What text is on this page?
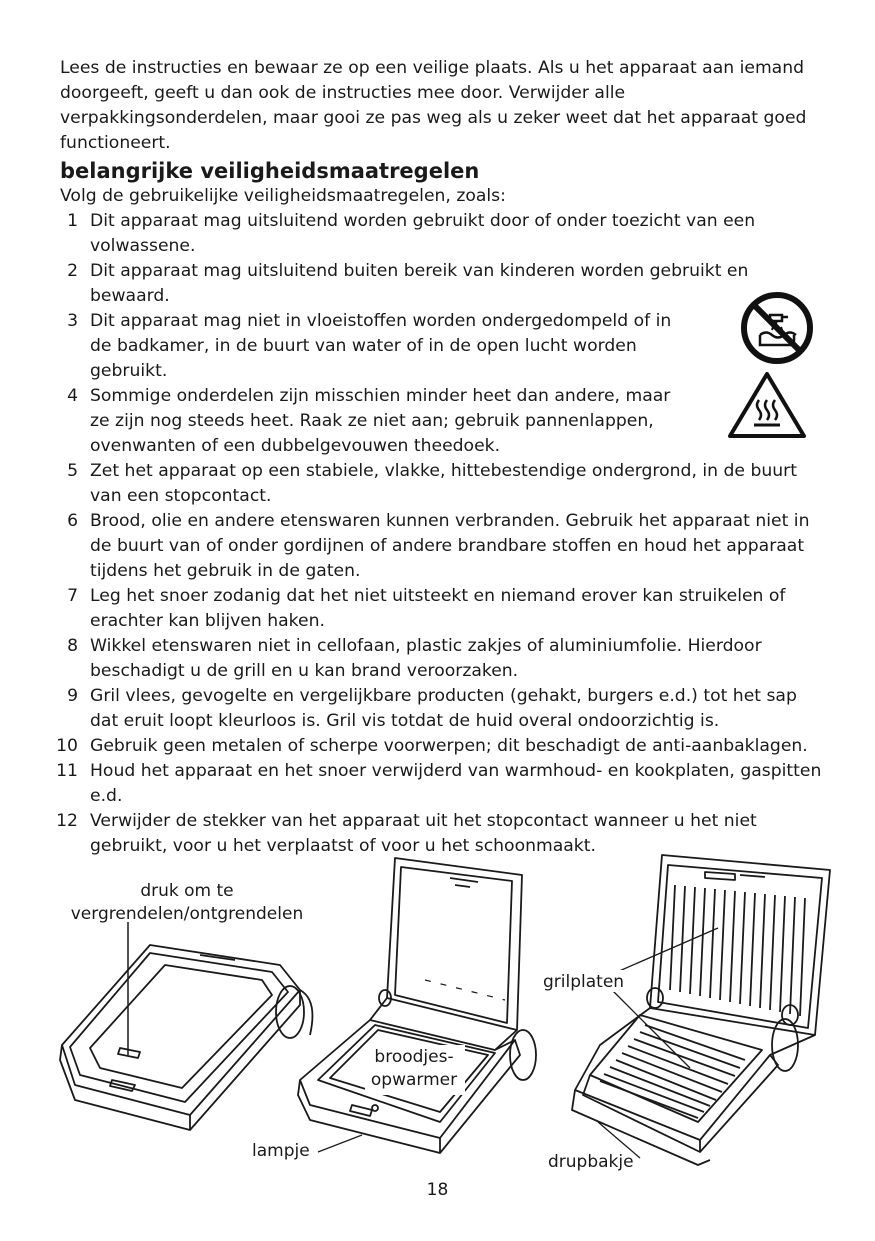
Lees de instructies en bewaar ze op een veilige plaats. Als u het apparaat aan iemand doorgeeft, geeft u dan ook de instructies mee door. Verwijder alle verpakkingsonderdelen, maar gooi ze pas weg als u zeker weet dat het apparaat goed functioneert.

belangrijke veiligheidsmaatregelen

Volg de gebruikelijke veiligheidsmaatregelen, zoals:

1 Dit apparaat mag uitsluitend worden gebruikt door of onder toezicht van een volwassene.
2 Dit apparaat mag uitsluitend buiten bereik van kinderen worden gebruikt en bewaard.
3 Dit apparaat mag niet in vloeistoffen worden ondergedompeld of in de badkamer, in de buurt van water of in de open lucht worden gebruikt.
4 Sommige onderdelen zijn misschien minder heet dan andere, maar ze zijn nog steeds heet. Raak ze niet aan; gebruik pannenlappen, ovenwanten of een dubbelgevouwen theedoek.
5 Zet het apparaat op een stabiele, vlakke, hittebestendige ondergrond, in de buurt van een stopcontact.
6 Brood, olie en andere etenswaren kunnen verbranden. Gebruik het apparaat niet in de buurt van of onder gordijnen of andere brandbare stoffen en houd het apparaat tijdens het gebruik in de gaten.
7 Leg het snoer zodanig dat het niet uitsteekt en niemand erover kan struikelen of erachter kan blijven haken.
8 Wikkel etenswaren niet in cellofaan, plastic zakjes of aluminiumfolie. Hierdoor beschadigt u de grill en u kan brand veroorzaken.
9 Gril vlees, gevogelte en vergelijkbare producten (gehakt, burgers e.d.) tot het sap dat eruit loopt kleurloos is. Gril vis totdat de huid overal ondoorzichtig is.
10 Gebruik geen metalen of scherpe voorwerpen; dit beschadigt de anti-aanbaklagen.
11 Houd het apparaat en het snoer verwijderd van warmhoud- en kookplaten, gaspitten e.d.
12 Verwijder de stekker van het apparaat uit het stopcontact wanneer u het niet gebruikt, voor u het verplaatst of voor u het schoonmaakt.
druk om te
vergrendelen/ontgrendelen
broodjes-
opwarmer
grilplaten
lampje
drupbakje
18
